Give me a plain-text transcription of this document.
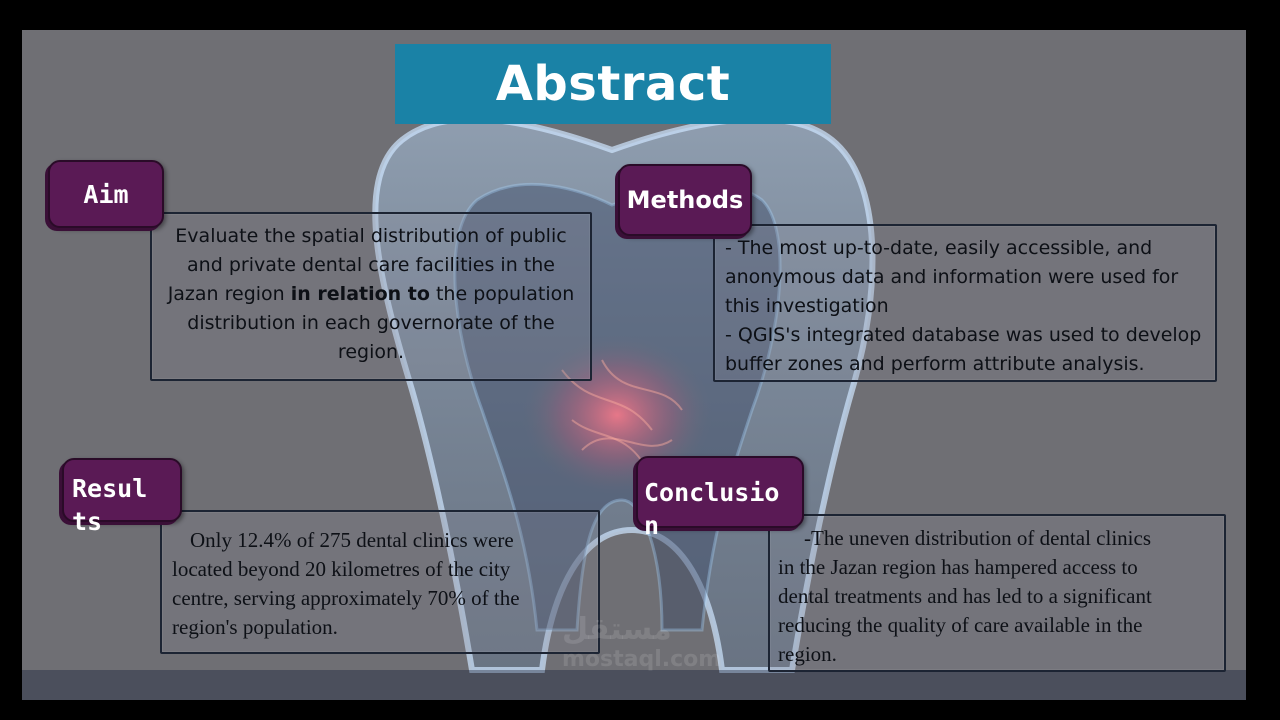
Abstract
Evaluate the spatial distribution of public
and private dental care facilities in the
Jazan region in relation to the population
distribution in each governorate of the
region.
Aim
- The most up-to-date, easily accessible, and
anonymous data and information were used for
this investigation
- QGIS's integrated database was used to develop
buffer zones and perform attribute analysis.
Methods
Only 12.4% of 275 dental clinics were
located beyond 20 kilometres of the city
centre, serving approximately 70% of the
region's population.
Resul
ts
-The uneven distribution of dental clinics
in the Jazan region has hampered access to
dental treatments and has led to a significant
reducing the quality of care available in the
region.
Conclusio
n
مستقل
mostaql.com
